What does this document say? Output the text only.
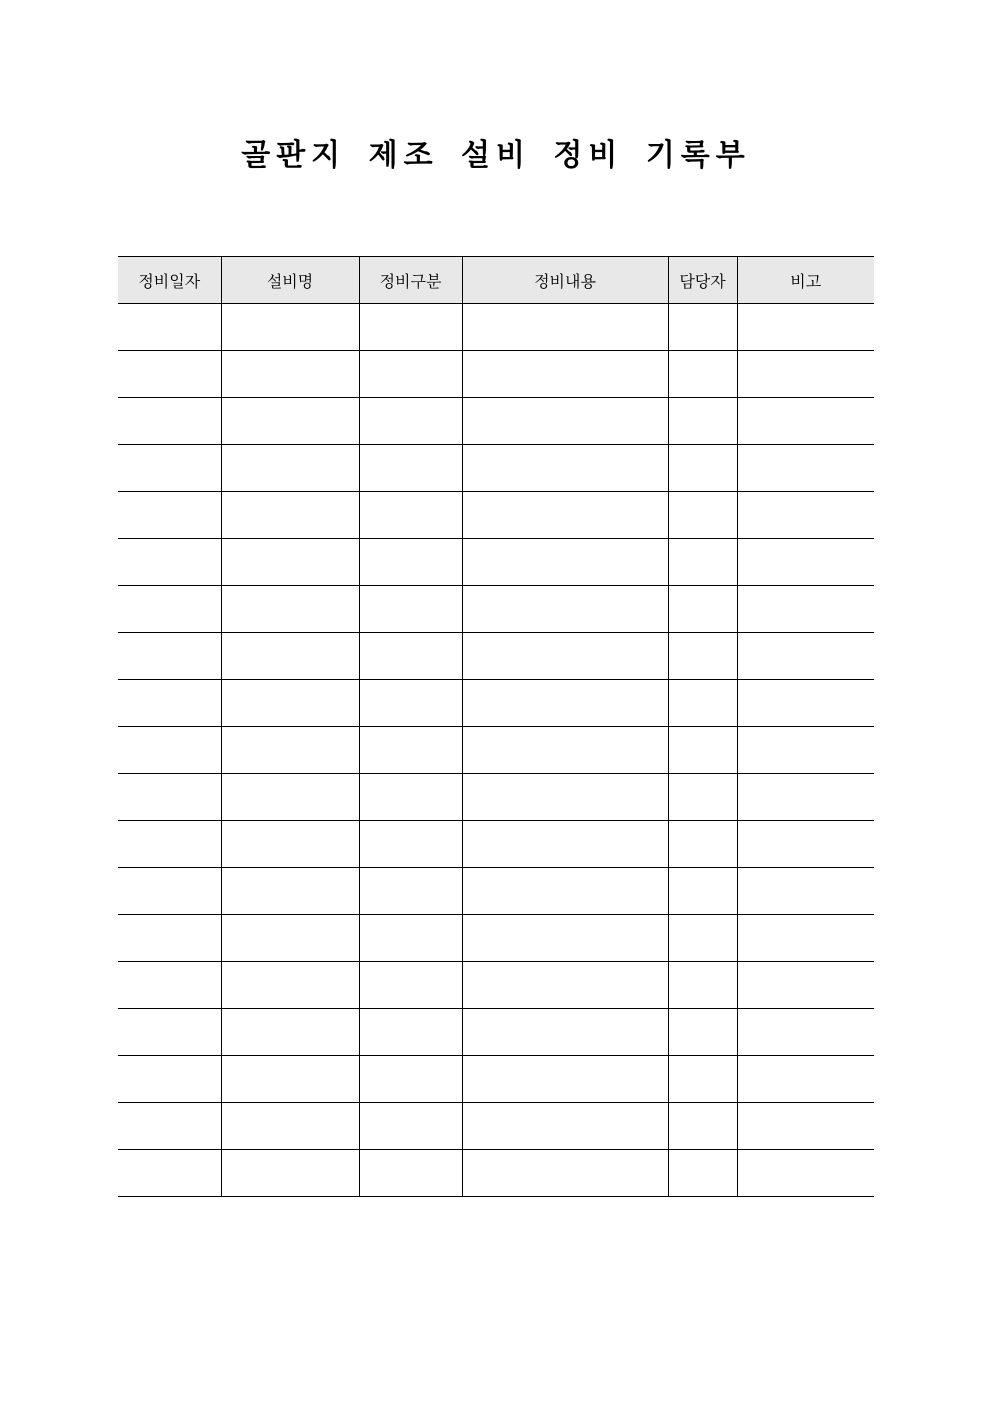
골판지 제조 설비 정비 기록부
정비일자	설비명	정비구분	정비내용	담당자	비고
